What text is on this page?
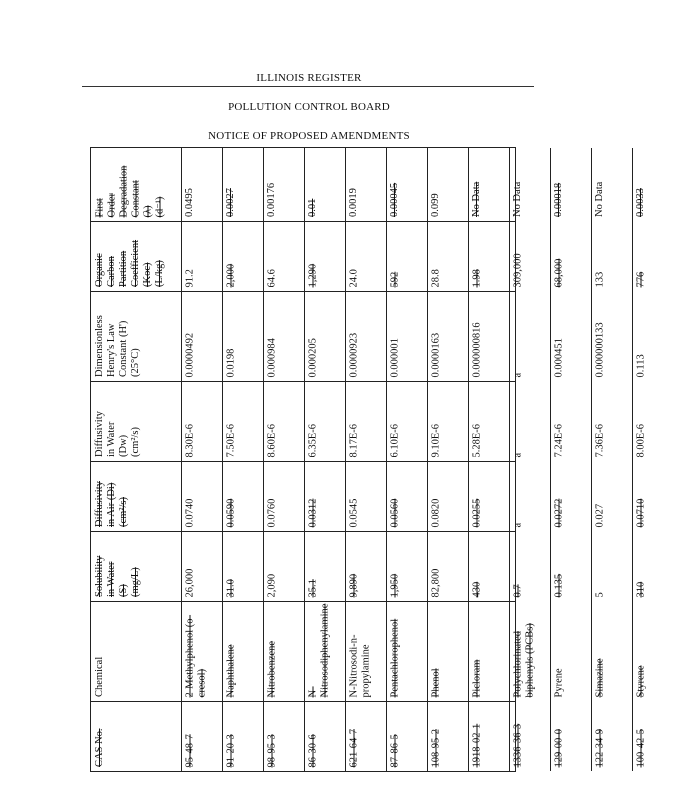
ILLINOIS REGISTER
POLLUTION CONTROL BOARD
NOTICE OF PROPOSED AMENDMENTS
CAS No.
Chemical
Solubility
in Water
(S)
(mg/L)
Diffusivity
in Air (Di)
(cm²/s)
Diffusivity
in Water
(Dw)
(cm²/s)
Dimensionless
Henry's Law
Constant (H')
(25°C)
Organic
Carbon
Partition
Coefficient
(Koc)
(L/kg)
First
Order
Degradation
Constant
(λ)
(d⁻¹)
95-48-7
2-Methylphenol (o-cresol)
26,000
0.0740
8.30E-6
0.0000492
91.2
0.0495
91-20-3
Naphthalene
31.0
0.0590
7.50E-6
0.0198
2,000
0.0027
98-95-3
Nitrobenzene
2,090
0.0760
8.60E-6
0.000984
64.6
0.00176
86-30-6
N-Nitrosodiphenylamine
35.1
0.0312
6.35E-6
0.000205
1,290
0.01
621-64-7
N-Nitrosodi-n-propylamine
9,890
0.0545
8.17E-6
0.0000923
24.0
0.0019
87-86-5
Pentachlorophenol
1,950
0.0560
6.10E-6
0.000001
592
0.00045
108-95-2
Phenol
82,800
0.0820
9.10E-6
0.0000163
28.8
0.099
1918-02-1
Picloram
430
0.0255
5.28E-6
0.000000816
1.98
No Data
1336-36-3
Polychlorinated biphenyls (PCBs)
0.7
a
a
a
309,000
No Data
129-00-0
Pyrene
0.135
0.0272
7.24E-6
0.000451
68,000
0.00018
122-34-9
Simazine
5
0.027
7.36E-6
0.000000133
133
No Data
100-42-5
Styrene
310
0.0710
8.00E-6
0.113
776
0.0033
